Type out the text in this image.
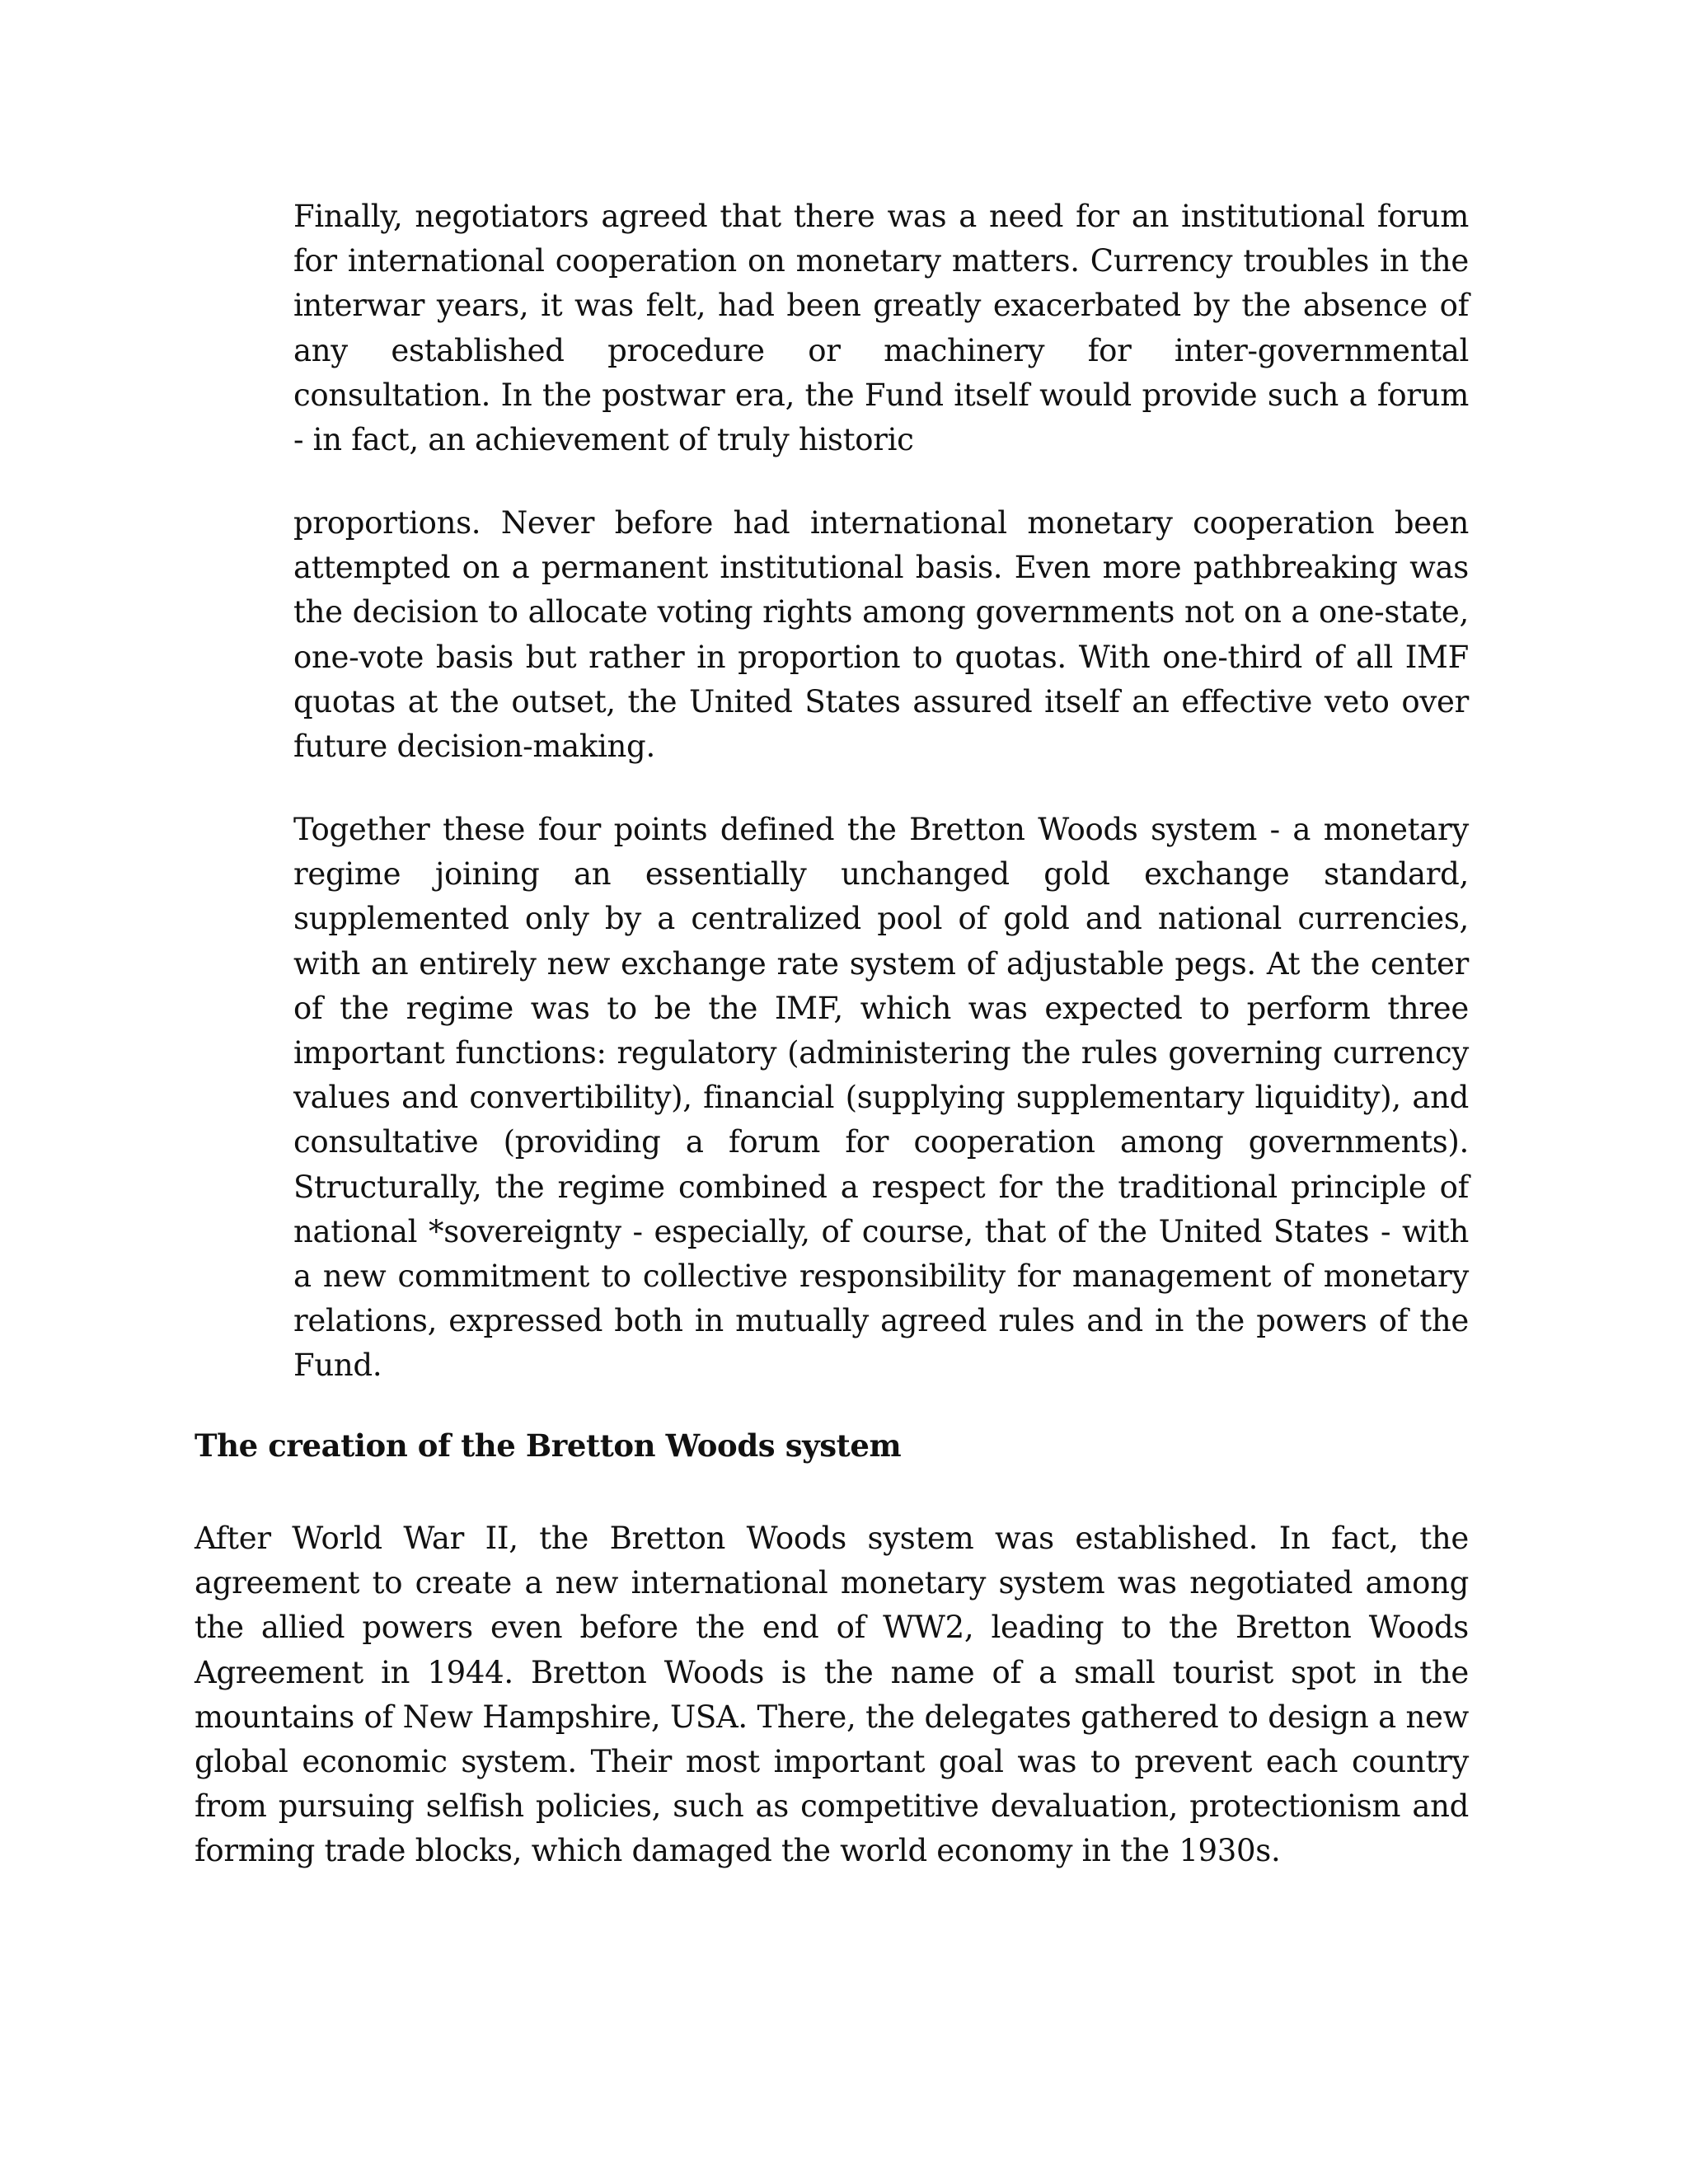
Finally, negotiators agreed that there was a need for an institutional forum for international cooperation on monetary matters. Currency troubles in the interwar years, it was felt, had been greatly exacerbated by the absence of any established procedure or machinery for inter-governmental consultation. In the postwar era, the Fund itself would provide such a forum - in fact, an achievement of truly historic

proportions. Never before had international monetary cooperation been attempted on a permanent institutional basis. Even more pathbreaking was the decision to allocate voting rights among governments not on a one-state, one-vote basis but rather in proportion to quotas. With one-third of all IMF quotas at the outset, the United States assured itself an effective veto over future decision-making.

Together these four points defined the Bretton Woods system - a monetary regime joining an essentially unchanged gold exchange standard, supplemented only by a centralized pool of gold and national currencies, with an entirely new exchange rate system of adjustable pegs. At the center of the regime was to be the IMF, which was expected to perform three important functions: regulatory (administering the rules governing currency values and convertibility), financial (supplying supplementary liquidity), and consultative (providing a forum for cooperation among governments). Structurally, the regime combined a respect for the traditional principle of national *sovereignty - especially, of course, that of the United States - with a new commitment to collective responsibility for management of monetary relations, expressed both in mutually agreed rules and in the powers of the Fund.

The creation of the Bretton Woods system

After World War II, the Bretton Woods system was established. In fact, the agreement to create a new international monetary system was negotiated among the allied powers even before the end of WW2, leading to the Bretton Woods Agreement in 1944. Bretton Woods is the name of a small tourist spot in the mountains of New Hampshire, USA. There, the delegates gathered to design a new global economic system. Their most important goal was to prevent each country from pursuing selfish policies, such as competitive devaluation, protectionism and forming trade blocks, which damaged the world economy in the 1930s.
